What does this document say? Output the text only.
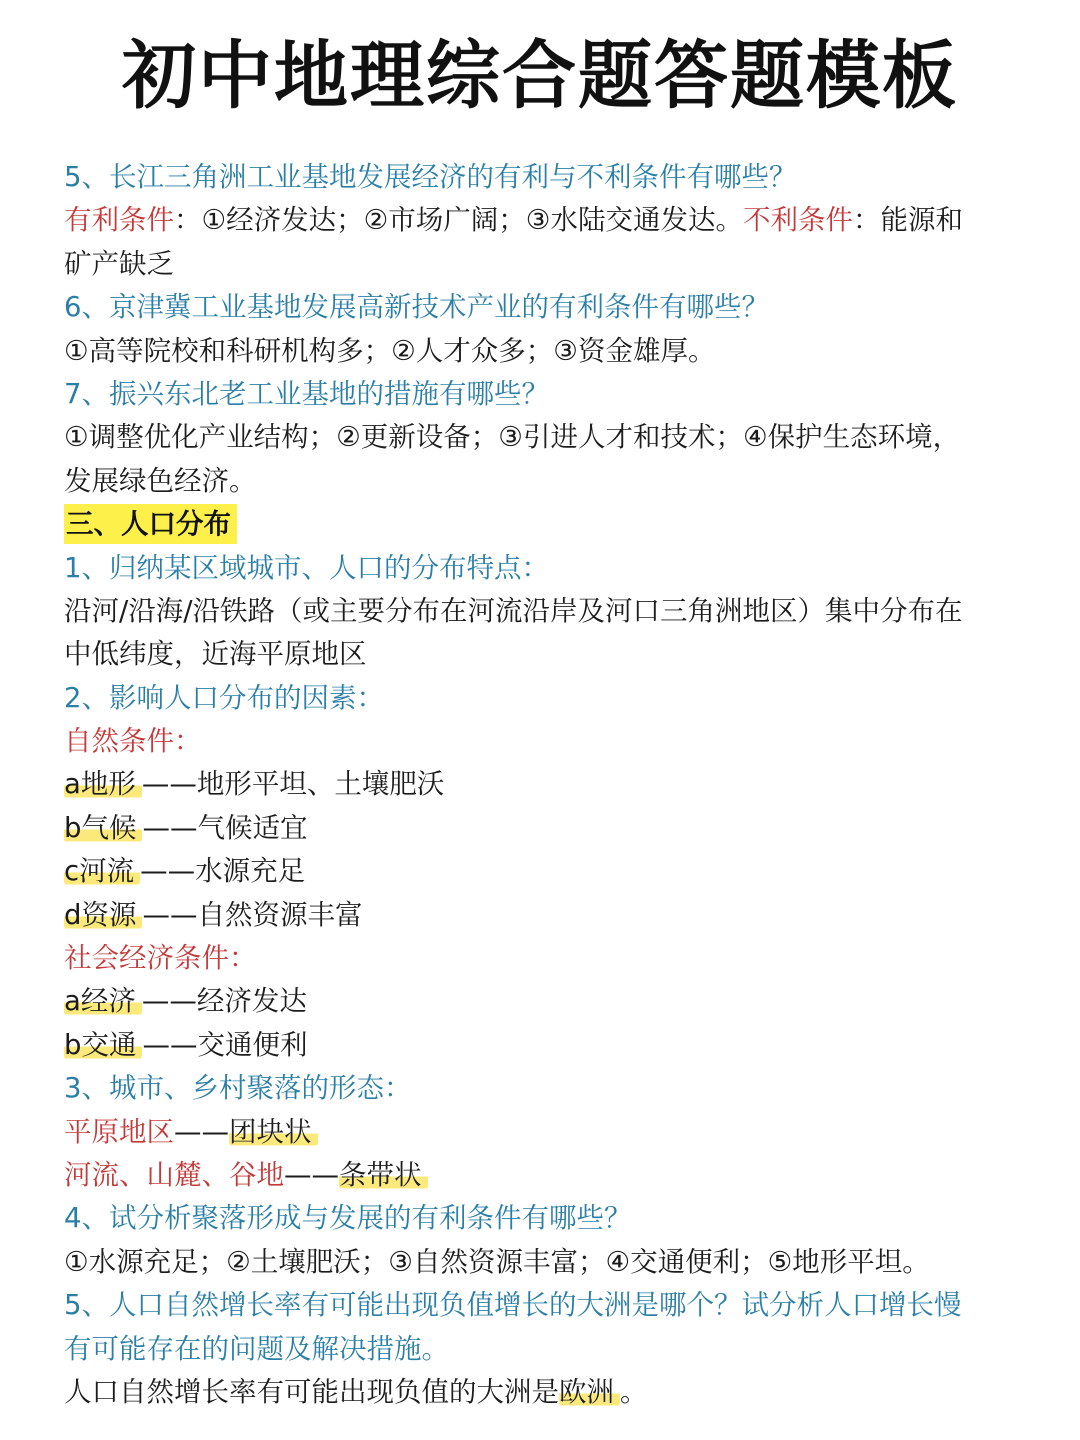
初中地理综合题答题模板
5、长江三角洲工业基地发展经济的有利与不利条件有哪些？
有利条件：①经济发达；②市场广阔；③水陆交通发达。不利条件：能源和
矿产缺乏
6、京津冀工业基地发展高新技术产业的有利条件有哪些？
①高等院校和科研机构多；②人才众多；③资金雄厚。
7、振兴东北老工业基地的措施有哪些？
①调整优化产业结构；②更新设备；③引进人才和技术；④保护生态环境，
发展绿色经济。
三、人口分布
1、归纳某区域城市、人口的分布特点：
沿河/沿海/沿铁路（或主要分布在河流沿岸及河口三角洲地区）集中分布在
中低纬度，近海平原地区
2、影响人口分布的因素：
自然条件：
a地形 ——地形平坦、土壤肥沃
b气候 ——气候适宜
c河流 ——水源充足
d资源 ——自然资源丰富
社会经济条件：
a经济 ——经济发达
b交通 ——交通便利
3、城市、乡村聚落的形态：
平原地区——团块状
河流、山麓、谷地——条带状
4、试分析聚落形成与发展的有利条件有哪些？
①水源充足；②土壤肥沃；③自然资源丰富；④交通便利；⑤地形平坦。
5、人口自然增长率有可能出现负值增长的大洲是哪个？试分析人口增长慢
有可能存在的问题及解决措施。
人口自然增长率有可能出现负值的大洲是欧洲 。
